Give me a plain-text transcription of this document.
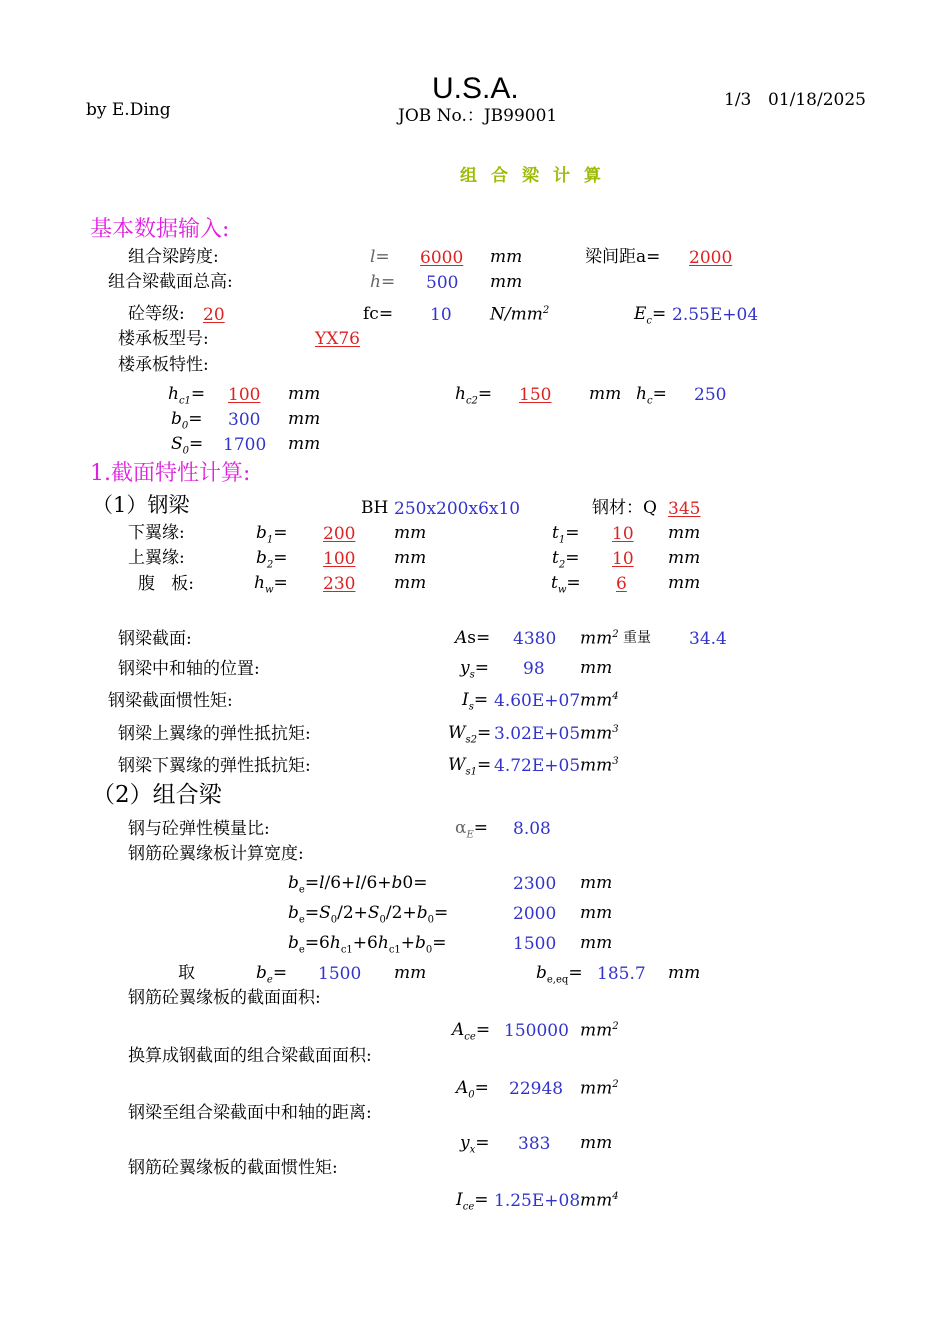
by E.Ding
U.S.A.
JOB No.：JB99001
1/3 01/18/2025
组合梁计算
基本数据输入:
组合梁跨度:	l= 6000 mm	梁间距a= 2000
组合梁截面总高:	h= 500 mm
砼等级: 20	fc= 10 $N/mm^2$	$E_c= 2.55E+04$
楼承板型号:	YX76
楼承板特性:
$h_{c1}= 100$ mm	$h_{c2}= 150$ mm $h_c= 250$
$b_0= 300$ mm
$S_0= 1700$ mm
1.截面特性计算:
（1）钢梁	BH 250x200x6x10	钢材：Q 345
下翼缘:	$b_1= 200$ mm	$t_1= 10$ mm
上翼缘:	$b_2= 100$ mm	$t_2= 10$ mm
腹   板:	$h_w= 230$ mm	$t_w= 6$ mm
钢梁截面:	As= 4380 $mm^2$ 重量 34.4
钢梁中和轴的位置:	$y_s= 98$ mm
钢梁截面惯性矩:	$I_s= 4.60E+07$ $mm^4$
钢梁上翼缘的弹性抵抗矩:	$W_{s2}= 3.02E+05$ $mm^3$
钢梁下翼缘的弹性抵抗矩:	$W_{s1}= 4.72E+05$ $mm^3$
（2）组合梁
钢与砼弹性模量比:	$\alpha_E= 8.08$
钢筋砼翼缘板计算宽度:
$b_e=l/6+l/6+b0=$	2300 mm
$b_e=S_0/2+S_0/2+b_0=$	2000 mm
$b_e=6h_{c1}+6h_{c1}+b_0=$	1500 mm
取	$b_e= 1500$ mm	$b_{e,eq}= 185.7$ mm
钢筋砼翼缘板的截面面积:
$A_{ce}= 150000$ $mm^2$
换算成钢截面的组合梁截面面积:
$A_0= 22948$ $mm^2$
钢梁至组合梁截面中和轴的距离:
$y_x= 383$ mm
钢筋砼翼缘板的截面惯性矩:
$I_{ce}= 1.25E+08$ $mm^4$
